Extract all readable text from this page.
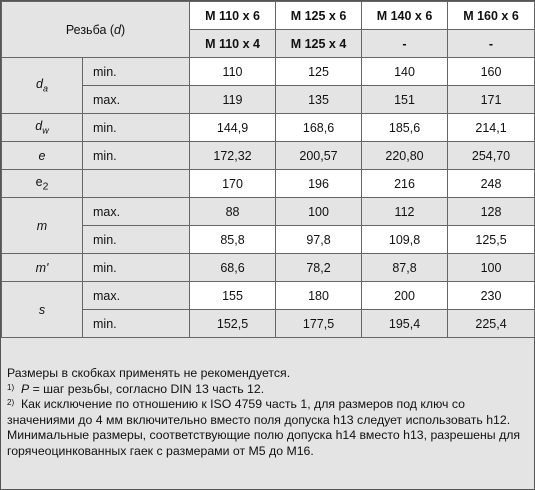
Резьба (d)		M 110 x 6	M 125 x 6	M 140 x 6	M 160 x 6
		M 110 x 4	M 125 x 4	-	-
$d_a$	min.	110	125	140	160
	max.	119	135	151	171
$d_w$	min.	144,9	168,6	185,6	214,1
e	min.	172,32	200,57	220,80	254,70
$e_2$		170	196	216	248
m	max.	88	100	112	128
	min.	85,8	97,8	109,8	125,5
m'	min.	68,6	78,2	87,8	100
s	max.	155	180	200	230
	min.	152,5	177,5	195,4	225,4
Размеры в скобках применять не рекомендуется.
$^{1)}$ P = шаг резьбы, согласно DIN 13 часть 12.
$^{2)}$ Как исключение по отношению к ISO 4759 часть 1, для размеров под ключ со значениями до 4 мм включительно вместо поля допуска h13 следует использовать h12. Минимальные размеры, соответствующие полю допуска h14 вместо h13, разрешены для горячеоцинкованных гаек с размерами от M5 до M16.
